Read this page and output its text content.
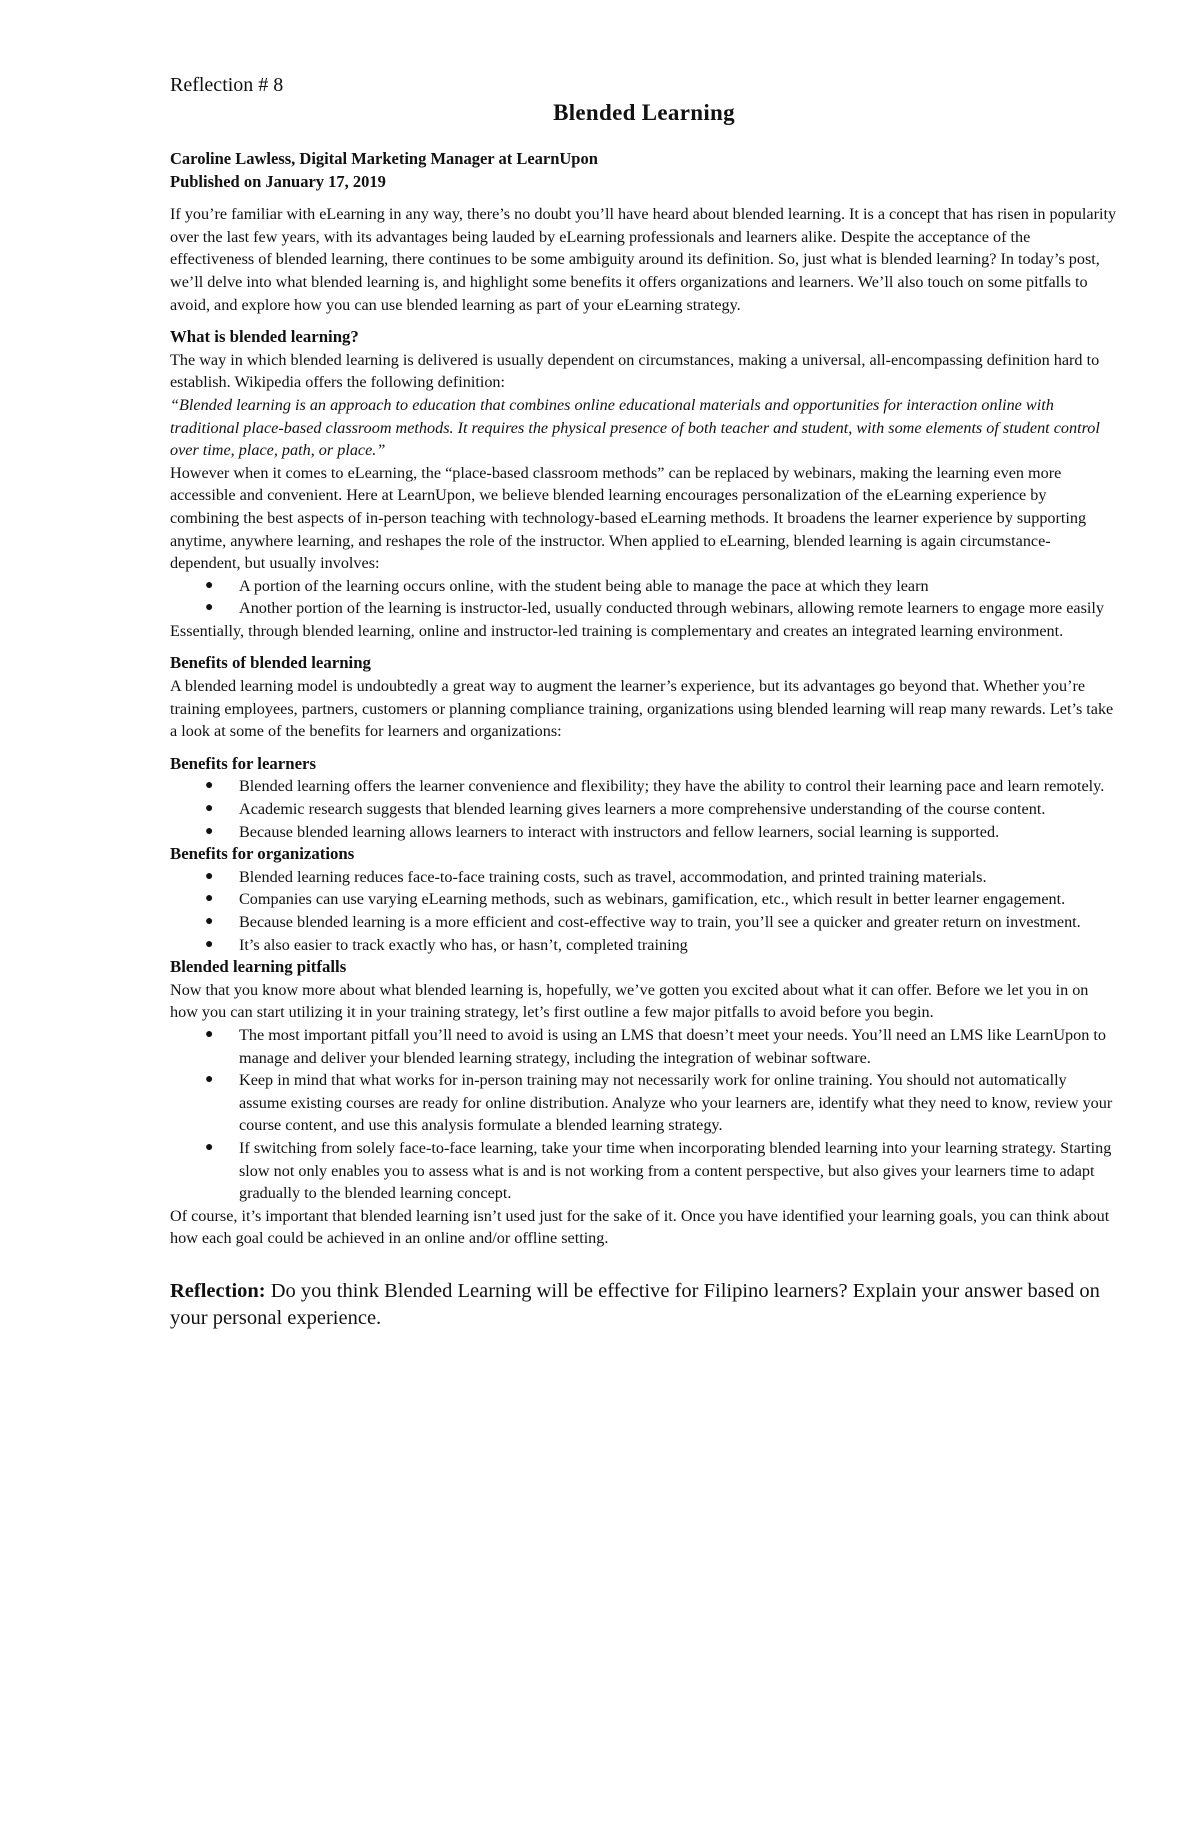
Reflection # 8

Blended Learning

Caroline Lawless, Digital Marketing Manager at LearnUpon

Published on January 17, 2019

If you’re familiar with eLearning in any way, there’s no doubt you’ll have heard about blended learning. It is a concept that has risen in popularity over the last few years, with its advantages being lauded by eLearning professionals and learners alike. Despite the acceptance of the effectiveness of blended learning, there continues to be some ambiguity around its definition. So, just what is blended learning? In today’s post, we’ll delve into what blended learning is, and highlight some benefits it offers organizations and learners. We’ll also touch on some pitfalls to avoid, and explore how you can use blended learning as part of your eLearning strategy.

What is blended learning?

The way in which blended learning is delivered is usually dependent on circumstances, making a universal, all-encompassing definition hard to establish. Wikipedia offers the following definition:

“Blended learning is an approach to education that combines online educational materials and opportunities for interaction online with traditional place-based classroom methods. It requires the physical presence of both teacher and student, with some elements of student control over time, place, path, or place.”

However when it comes to eLearning, the “place-based classroom methods” can be replaced by webinars, making the learning even more accessible and convenient. Here at LearnUpon, we believe blended learning encourages personalization of the eLearning experience by combining the best aspects of in-person teaching with technology-based eLearning methods. It broadens the learner experience by supporting anytime, anywhere learning, and reshapes the role of the instructor. When applied to eLearning, blended learning is again circumstance-dependent, but usually involves:

● A portion of the learning occurs online, with the student being able to manage the pace at which they learn
● Another portion of the learning is instructor-led, usually conducted through webinars, allowing remote learners to engage more easily

Essentially, through blended learning, online and instructor-led training is complementary and creates an integrated learning environment.

Benefits of blended learning

A blended learning model is undoubtedly a great way to augment the learner’s experience, but its advantages go beyond that. Whether you’re training employees, partners, customers or planning compliance training, organizations using blended learning will reap many rewards. Let’s take a look at some of the benefits for learners and organizations:

Benefits for learners
● Blended learning offers the learner convenience and flexibility; they have the ability to control their learning pace and learn remotely.
● Academic research suggests that blended learning gives learners a more comprehensive understanding of the course content.
● Because blended learning allows learners to interact with instructors and fellow learners, social learning is supported.
Benefits for organizations
● Blended learning reduces face-to-face training costs, such as travel, accommodation, and printed training materials.
● Companies can use varying eLearning methods, such as webinars, gamification, etc., which result in better learner engagement.
● Because blended learning is a more efficient and cost-effective way to train, you’ll see a quicker and greater return on investment.
● It’s also easier to track exactly who has, or hasn’t, completed training
Blended learning pitfalls

Now that you know more about what blended learning is, hopefully, we’ve gotten you excited about what it can offer. Before we let you in on how you can start utilizing it in your training strategy, let’s first outline a few major pitfalls to avoid before you begin.

● The most important pitfall you’ll need to avoid is using an LMS that doesn’t meet your needs. You’ll need an LMS like LearnUpon to manage and deliver your blended learning strategy, including the integration of webinar software.
● Keep in mind that what works for in-person training may not necessarily work for online training. You should not automatically assume existing courses are ready for online distribution. Analyze who your learners are, identify what they need to know, review your course content, and use this analysis formulate a blended learning strategy.
● If switching from solely face-to-face learning, take your time when incorporating blended learning into your learning strategy. Starting slow not only enables you to assess what is and is not working from a content perspective, but also gives your learners time to adapt gradually to the blended learning concept.

Of course, it’s important that blended learning isn’t used just for the sake of it. Once you have identified your learning goals, you can think about how each goal could be achieved in an online and/or offline setting.

Reflection: Do you think Blended Learning will be effective for Filipino learners? Explain your answer based on your personal experience.
